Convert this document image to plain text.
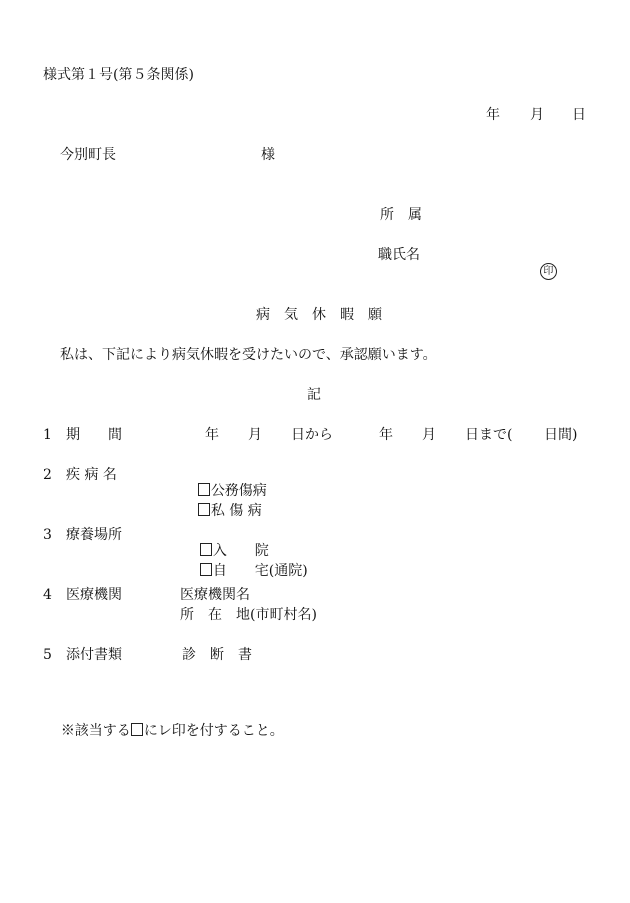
様式第１号(第５条関係)
年 月 日
今別町長	様
所　属
職氏名

印

病　気　休　暇　願
私は、下記により病気休暇を受けたいので、承認願います。
記
1 期　　間	年 月 日から	年 月 日まで( 日間)
2 疾 病 名

公務傷病

私 傷 病

3 療養場所

入　　院

自　　宅(通院)

4 医療機関	医療機関名
所　在　地(市町村名)
5 添付書類	診　断　書

※該当する にレ印を付すること。
